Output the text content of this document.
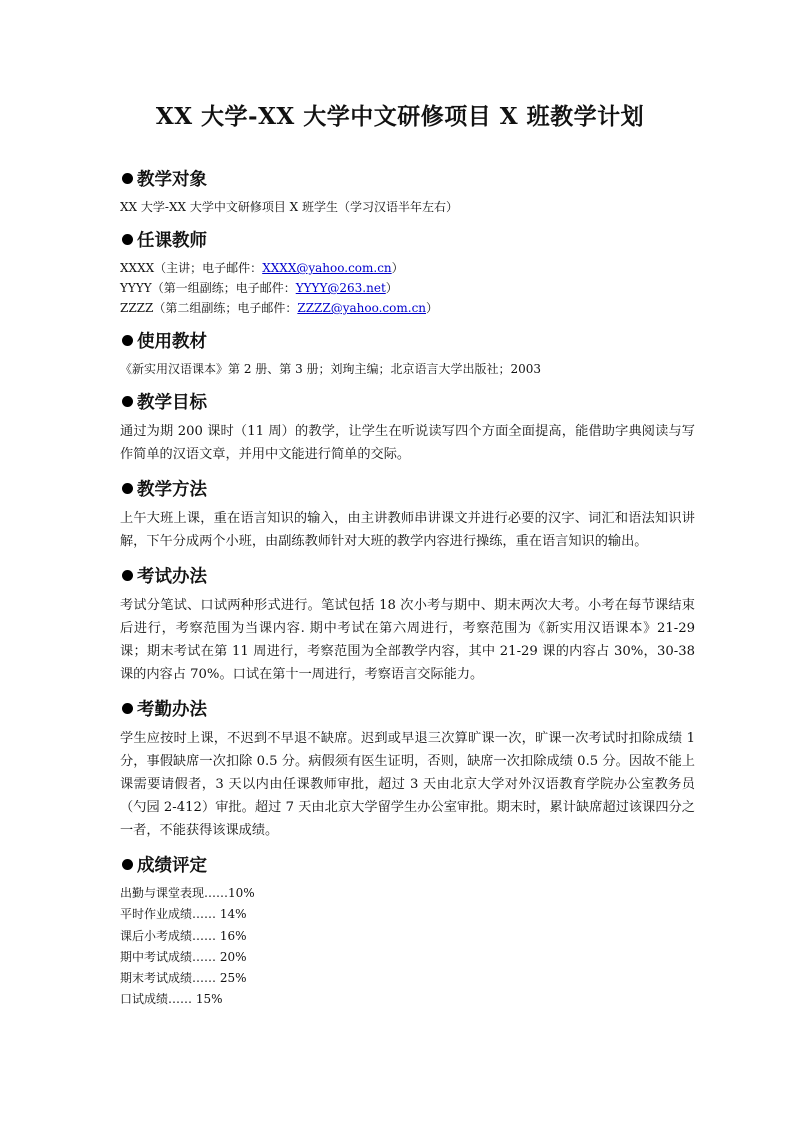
XX 大学-XX 大学中文研修项目 X 班教学计划
教学对象
XX 大学-XX 大学中文研修项目 X 班学生（学习汉语半年左右）
任课教师
XXXX（主讲；电子邮件：XXXX@yahoo.com.cn）
YYYY（第一组副练；电子邮件：YYYY@263.net）
ZZZZ（第二组副练；电子邮件：ZZZZ@yahoo.com.cn）
使用教材
《新实用汉语课本》第 2 册、第 3 册；刘珣主编；北京语言大学出版社；2003
教学目标
通过为期 200 课时（11 周）的教学，让学生在听说读写四个方面全面提高，能借助字典阅读与写作简单的汉语文章，并用中文能进行简单的交际。
教学方法
上午大班上课，重在语言知识的输入，由主讲教师串讲课文并进行必要的汉字、词汇和语法知识讲解，下午分成两个小班，由副练教师针对大班的教学内容进行操练，重在语言知识的输出。
考试办法
考试分笔试、口试两种形式进行。笔试包括 18 次小考与期中、期末两次大考。小考在每节课结束后进行，考察范围为当课内容. 期中考试在第六周进行，考察范围为《新实用汉语课本》21-29 课；期末考试在第 11 周进行，考察范围为全部教学内容，其中 21-29 课的内容占 30%，30-38 课的内容占 70%。口试在第十一周进行，考察语言交际能力。
考勤办法
学生应按时上课，不迟到不早退不缺席。迟到或早退三次算旷课一次，旷课一次考试时扣除成绩 1 分，事假缺席一次扣除 0.5 分。病假须有医生证明，否则，缺席一次扣除成绩 0.5 分。因故不能上课需要请假者，3 天以内由任课教师审批，超过 3 天由北京大学对外汉语教育学院办公室教务员（勺园 2-412）审批。超过 7 天由北京大学留学生办公室审批。期末时，累计缺席超过该课四分之一者，不能获得该课成绩。
成绩评定
出勤与课堂表现……10%
平时作业成绩…… 14%
课后小考成绩…… 16%
期中考试成绩…… 20%
期末考试成绩…… 25%
口试成绩…… 15%
